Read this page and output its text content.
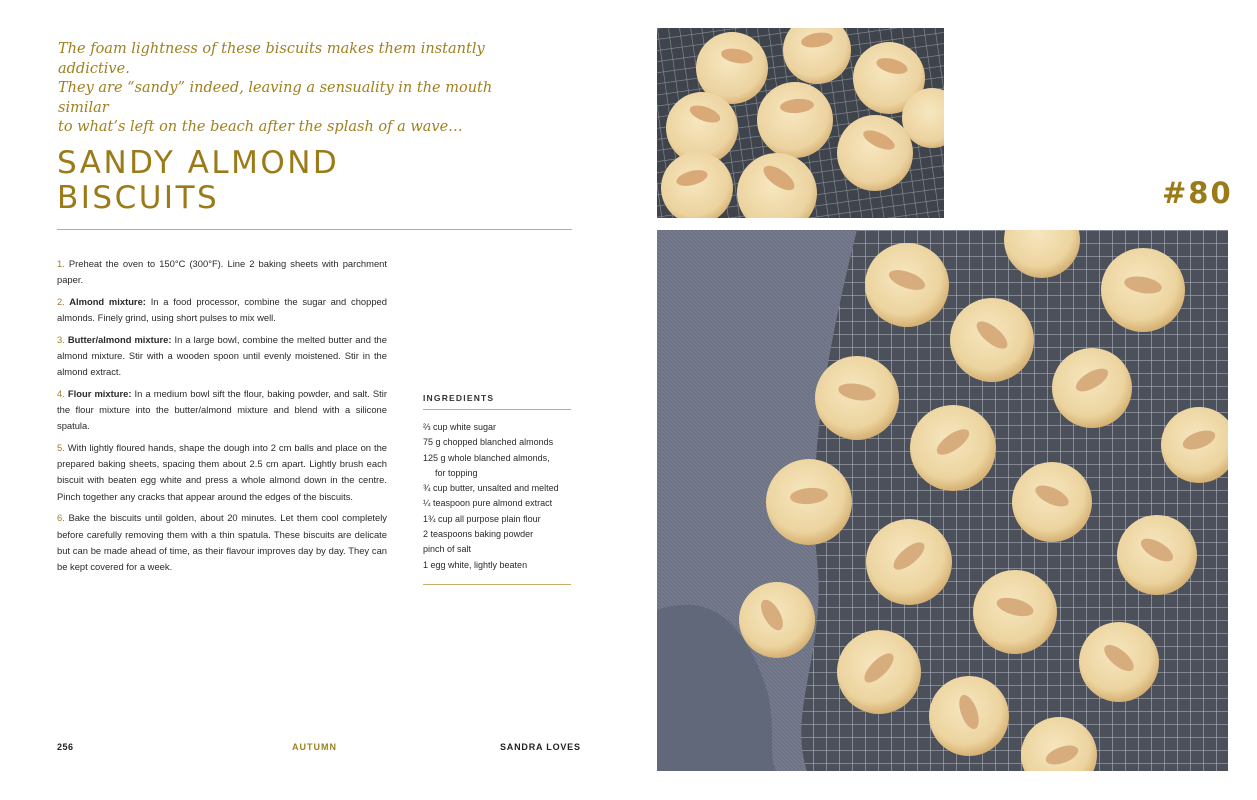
The foam lightness of these biscuits makes them instantly addictive.
They are “sandy” indeed, leaving a sensuality in the mouth similar
to what’s left on the beach after the splash of a wave…

SANDY ALMOND
BISCUITS

1. Preheat the oven to 150°C (300°F). Line 2 baking sheets with parchment paper.

2. Almond mixture: In a food processor, combine the sugar and chopped almonds. Finely grind, using short pulses to mix well.

3. Butter/almond mixture: In a large bowl, combine the melted butter and the almond mixture. Stir with a wooden spoon until evenly moistened. Stir in the almond extract.

4. Flour mixture: In a medium bowl sift the flour, baking powder, and salt. Stir the flour mixture into the butter/almond mixture and blend with a silicone spatula.

5. With lightly floured hands, shape the dough into 2 cm balls and place on the prepared baking sheets, spacing them about 2.5 cm apart. Lightly brush each biscuit with beaten egg white and press a whole almond down in the centre. Pinch together any cracks that appear around the edges of the biscuits.

6. Bake the biscuits until golden, about 20 minutes. Let them cool completely before carefully removing them with a thin spatula. These biscuits are delicate but can be made ahead of time, as their flavour improves day by day. They can be kept covered for a week.

INGREDIENTS
⅔ cup white sugar
75 g chopped blanched almonds
125 g whole blanched almonds,
for topping
¾ cup butter, unsalted and melted
¼ teaspoon pure almond extract
1¾ cup all purpose plain flour
2 teaspoons baking powder
pinch of salt
1 egg white, lightly beaten
256	AUTUMN	SANDRA LOVES
#80
